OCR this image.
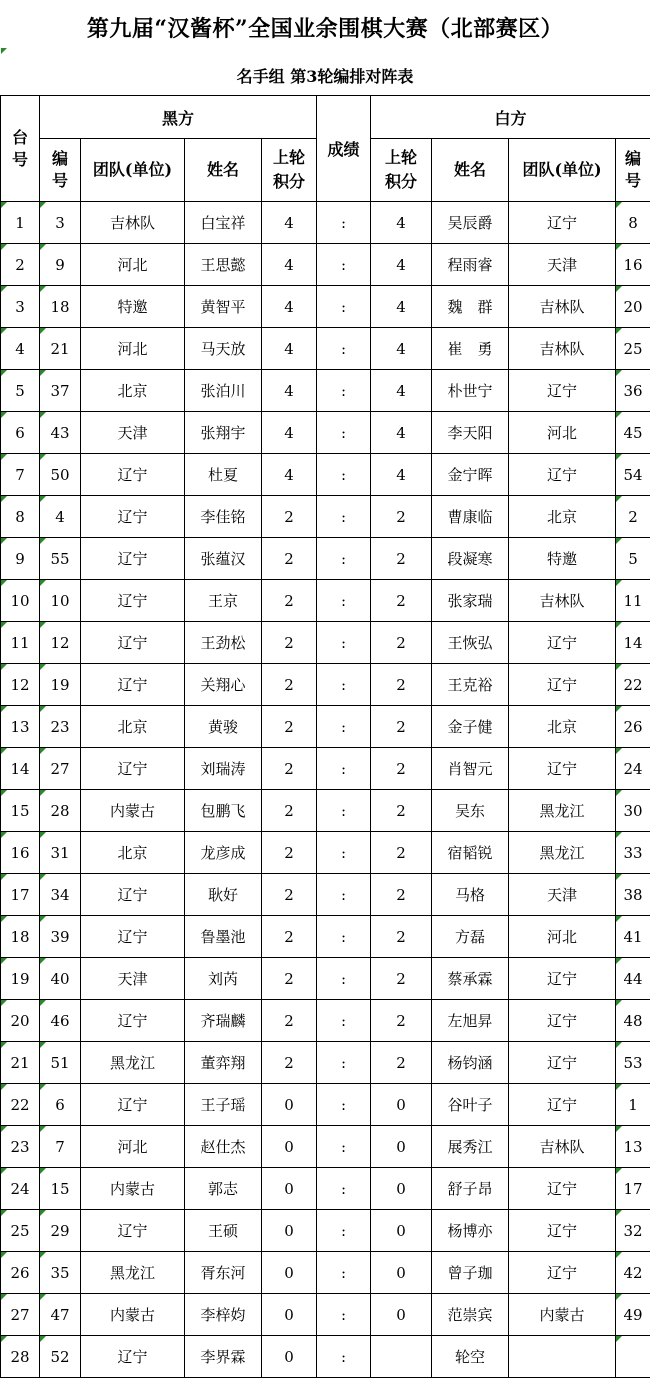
第九届“汉酱杯”全国业余围棋大赛（北部赛区）
名手组 第3轮编排对阵表
台号	黑方				成绩	白方			
	编号	团队(单位)	姓名	上轮积分		上轮积分	姓名	团队(单位)	编号
1	3	吉林队	白宝祥	4	:	4	吴辰爵	辽宁	8
2	9	河北	王思懿	4	:	4	程雨睿	天津	16
3	18	特邀	黄智平	4	:	4	魏　群	吉林队	20
4	21	河北	马天放	4	:	4	崔　勇	吉林队	25
5	37	北京	张泊川	4	:	4	朴世宁	辽宁	36
6	43	天津	张翔宇	4	:	4	李天阳	河北	45
7	50	辽宁	杜夏	4	:	4	金宁晖	辽宁	54
8	4	辽宁	李佳铭	2	:	2	曹康临	北京	2
9	55	辽宁	张蕴汉	2	:	2	段凝寒	特邀	5
10	10	辽宁	王京	2	:	2	张家瑞	吉林队	11
11	12	辽宁	王劲松	2	:	2	王恢弘	辽宁	14
12	19	辽宁	关翔心	2	:	2	王克裕	辽宁	22
13	23	北京	黄骏	2	:	2	金子健	北京	26
14	27	辽宁	刘瑞涛	2	:	2	肖智元	辽宁	24
15	28	内蒙古	包鹏飞	2	:	2	吴东	黑龙江	30
16	31	北京	龙彦成	2	:	2	宿韬锐	黑龙江	33
17	34	辽宁	耿好	2	:	2	马格	天津	38
18	39	辽宁	鲁墨池	2	:	2	方磊	河北	41
19	40	天津	刘芮	2	:	2	蔡承霖	辽宁	44
20	46	辽宁	齐瑞麟	2	:	2	左旭昇	辽宁	48
21	51	黑龙江	董弈翔	2	:	2	杨钧涵	辽宁	53
22	6	辽宁	王子瑶	0	:	0	谷叶子	辽宁	1
23	7	河北	赵仕杰	0	:	0	展秀江	吉林队	13
24	15	内蒙古	郭志	0	:	0	舒子昂	辽宁	17
25	29	辽宁	王硕	0	:	0	杨博亦	辽宁	32
26	35	黑龙江	胥东河	0	:	0	曾子珈	辽宁	42
27	47	内蒙古	李梓㚬	0	:	0	范崇宾	内蒙古	49
28	52	辽宁	李界霖	0	:		轮空		
